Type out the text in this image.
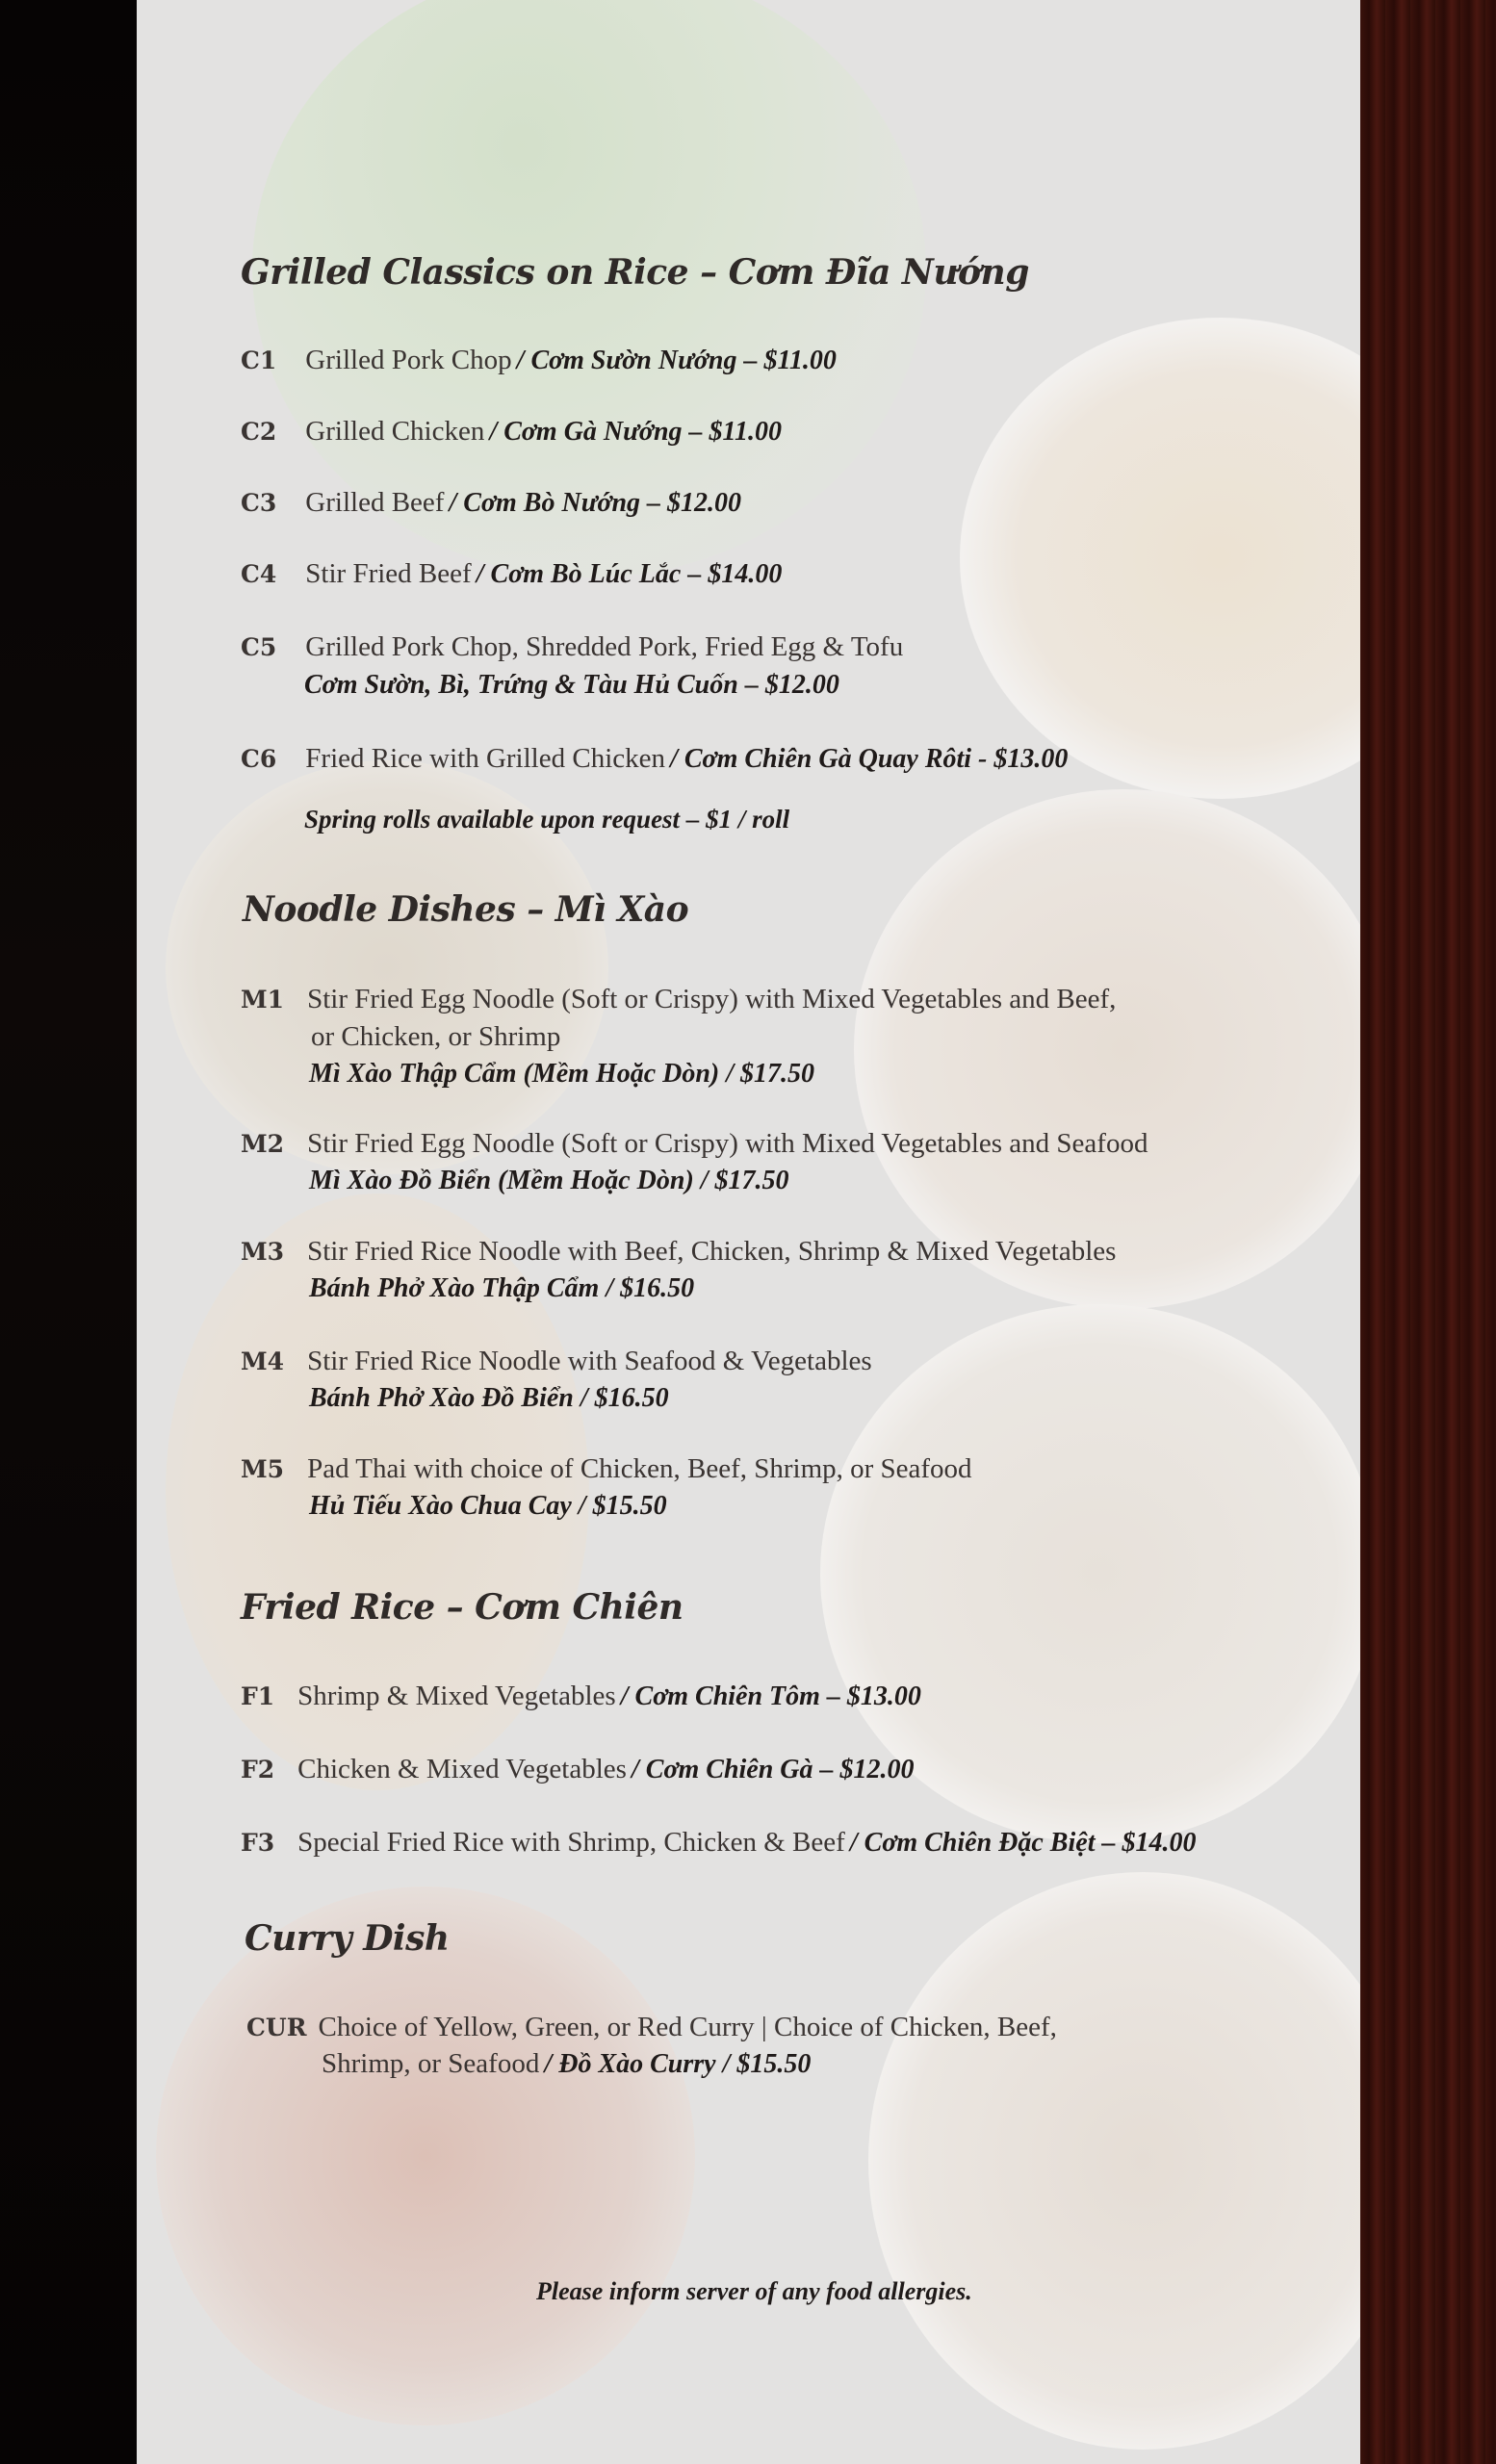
Grilled Classics on Rice – Cơm Đĩa Nướng
C1 Grilled Pork Chop / Cơm Sườn Nướng – $11.00
C2 Grilled Chicken / Cơm Gà Nướng – $11.00
C3 Grilled Beef / Cơm Bò Nướng – $12.00
C4 Stir Fried Beef / Cơm Bò Lúc Lắc – $14.00
C5 Grilled Pork Chop, Shredded Pork, Fried Egg & Tofu
Cơm Sườn, Bì, Trứng & Tàu Hủ Cuốn – $12.00
C6 Fried Rice with Grilled Chicken / Cơm Chiên Gà Quay Rôti - $13.00
Spring rolls available upon request – $1 / roll
Noodle Dishes – Mì Xào
M1 Stir Fried Egg Noodle (Soft or Crispy) with Mixed Vegetables and Beef,
or Chicken, or Shrimp
Mì Xào Thập Cẩm (Mềm Hoặc Dòn) / $17.50
M2 Stir Fried Egg Noodle (Soft or Crispy) with Mixed Vegetables and Seafood
Mì Xào Đồ Biển (Mềm Hoặc Dòn) / $17.50
M3 Stir Fried Rice Noodle with Beef, Chicken, Shrimp & Mixed Vegetables
Bánh Phở Xào Thập Cẩm / $16.50
M4 Stir Fried Rice Noodle with Seafood & Vegetables
Bánh Phở Xào Đồ Biển / $16.50
M5 Pad Thai with choice of Chicken, Beef, Shrimp, or Seafood
Hủ Tiếu Xào Chua Cay / $15.50
Fried Rice – Cơm Chiên
F1 Shrimp & Mixed Vegetables / Cơm Chiên Tôm – $13.00
F2 Chicken & Mixed Vegetables / Cơm Chiên Gà – $12.00
F3 Special Fried Rice with Shrimp, Chicken & Beef / Cơm Chiên Đặc Biệt – $14.00
Curry Dish
CUR Choice of Yellow, Green, or Red Curry | Choice of Chicken, Beef,
Shrimp, or Seafood / Đồ Xào Curry / $15.50
Please inform server of any food allergies.
